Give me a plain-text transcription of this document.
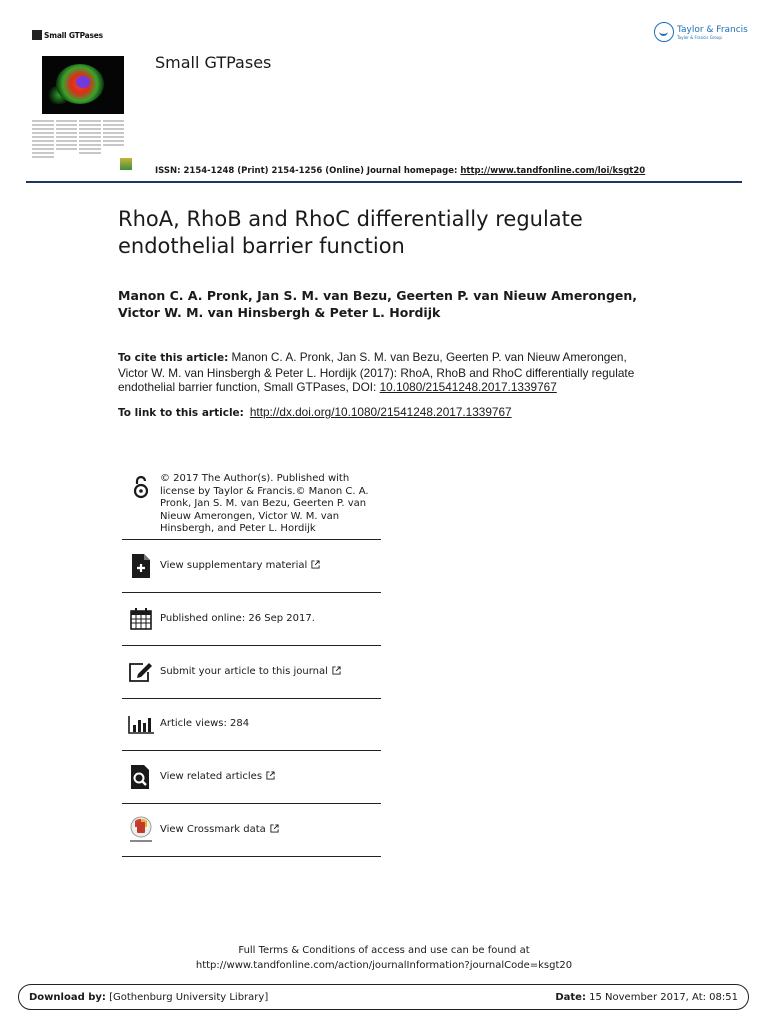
Small GTPases
Small GTPases
ISSN: 2154-1248 (Print) 2154-1256 (Online) Journal homepage: http://www.tandfonline.com/loi/ksgt20
Taylor & Francis
Taylor & Francis Group
RhoA, RhoB and RhoC differentially regulate
endothelial barrier function
Manon C. A. Pronk, Jan S. M. van Bezu, Geerten P. van Nieuw Amerongen,
Victor W. M. van Hinsbergh & Peter L. Hordijk
To cite this article: Manon C. A. Pronk, Jan S. M. van Bezu, Geerten P. van Nieuw Amerongen, Victor W. M. van Hinsbergh & Peter L. Hordijk (2017): RhoA, RhoB and RhoC differentially regulate endothelial barrier function, Small GTPases, DOI: 10.1080/21541248.2017.1339767
To link to this article: http://dx.doi.org/10.1080/21541248.2017.1339767
© 2017 The Author(s). Published with license by Taylor & Francis.© Manon C. A. Pronk, Jan S. M. van Bezu, Geerten P. van Nieuw Amerongen, Victor W. M. van Hinsbergh, and Peter L. Hordijk
View supplementary material
Published online: 26 Sep 2017.
Submit your article to this journal
Article views: 284
View related articles
View Crossmark data
Full Terms & Conditions of access and use can be found at
http://www.tandfonline.com/action/journalInformation?journalCode=ksgt20
Download by: [Gothenburg University Library]	Date: 15 November 2017, At: 08:51
